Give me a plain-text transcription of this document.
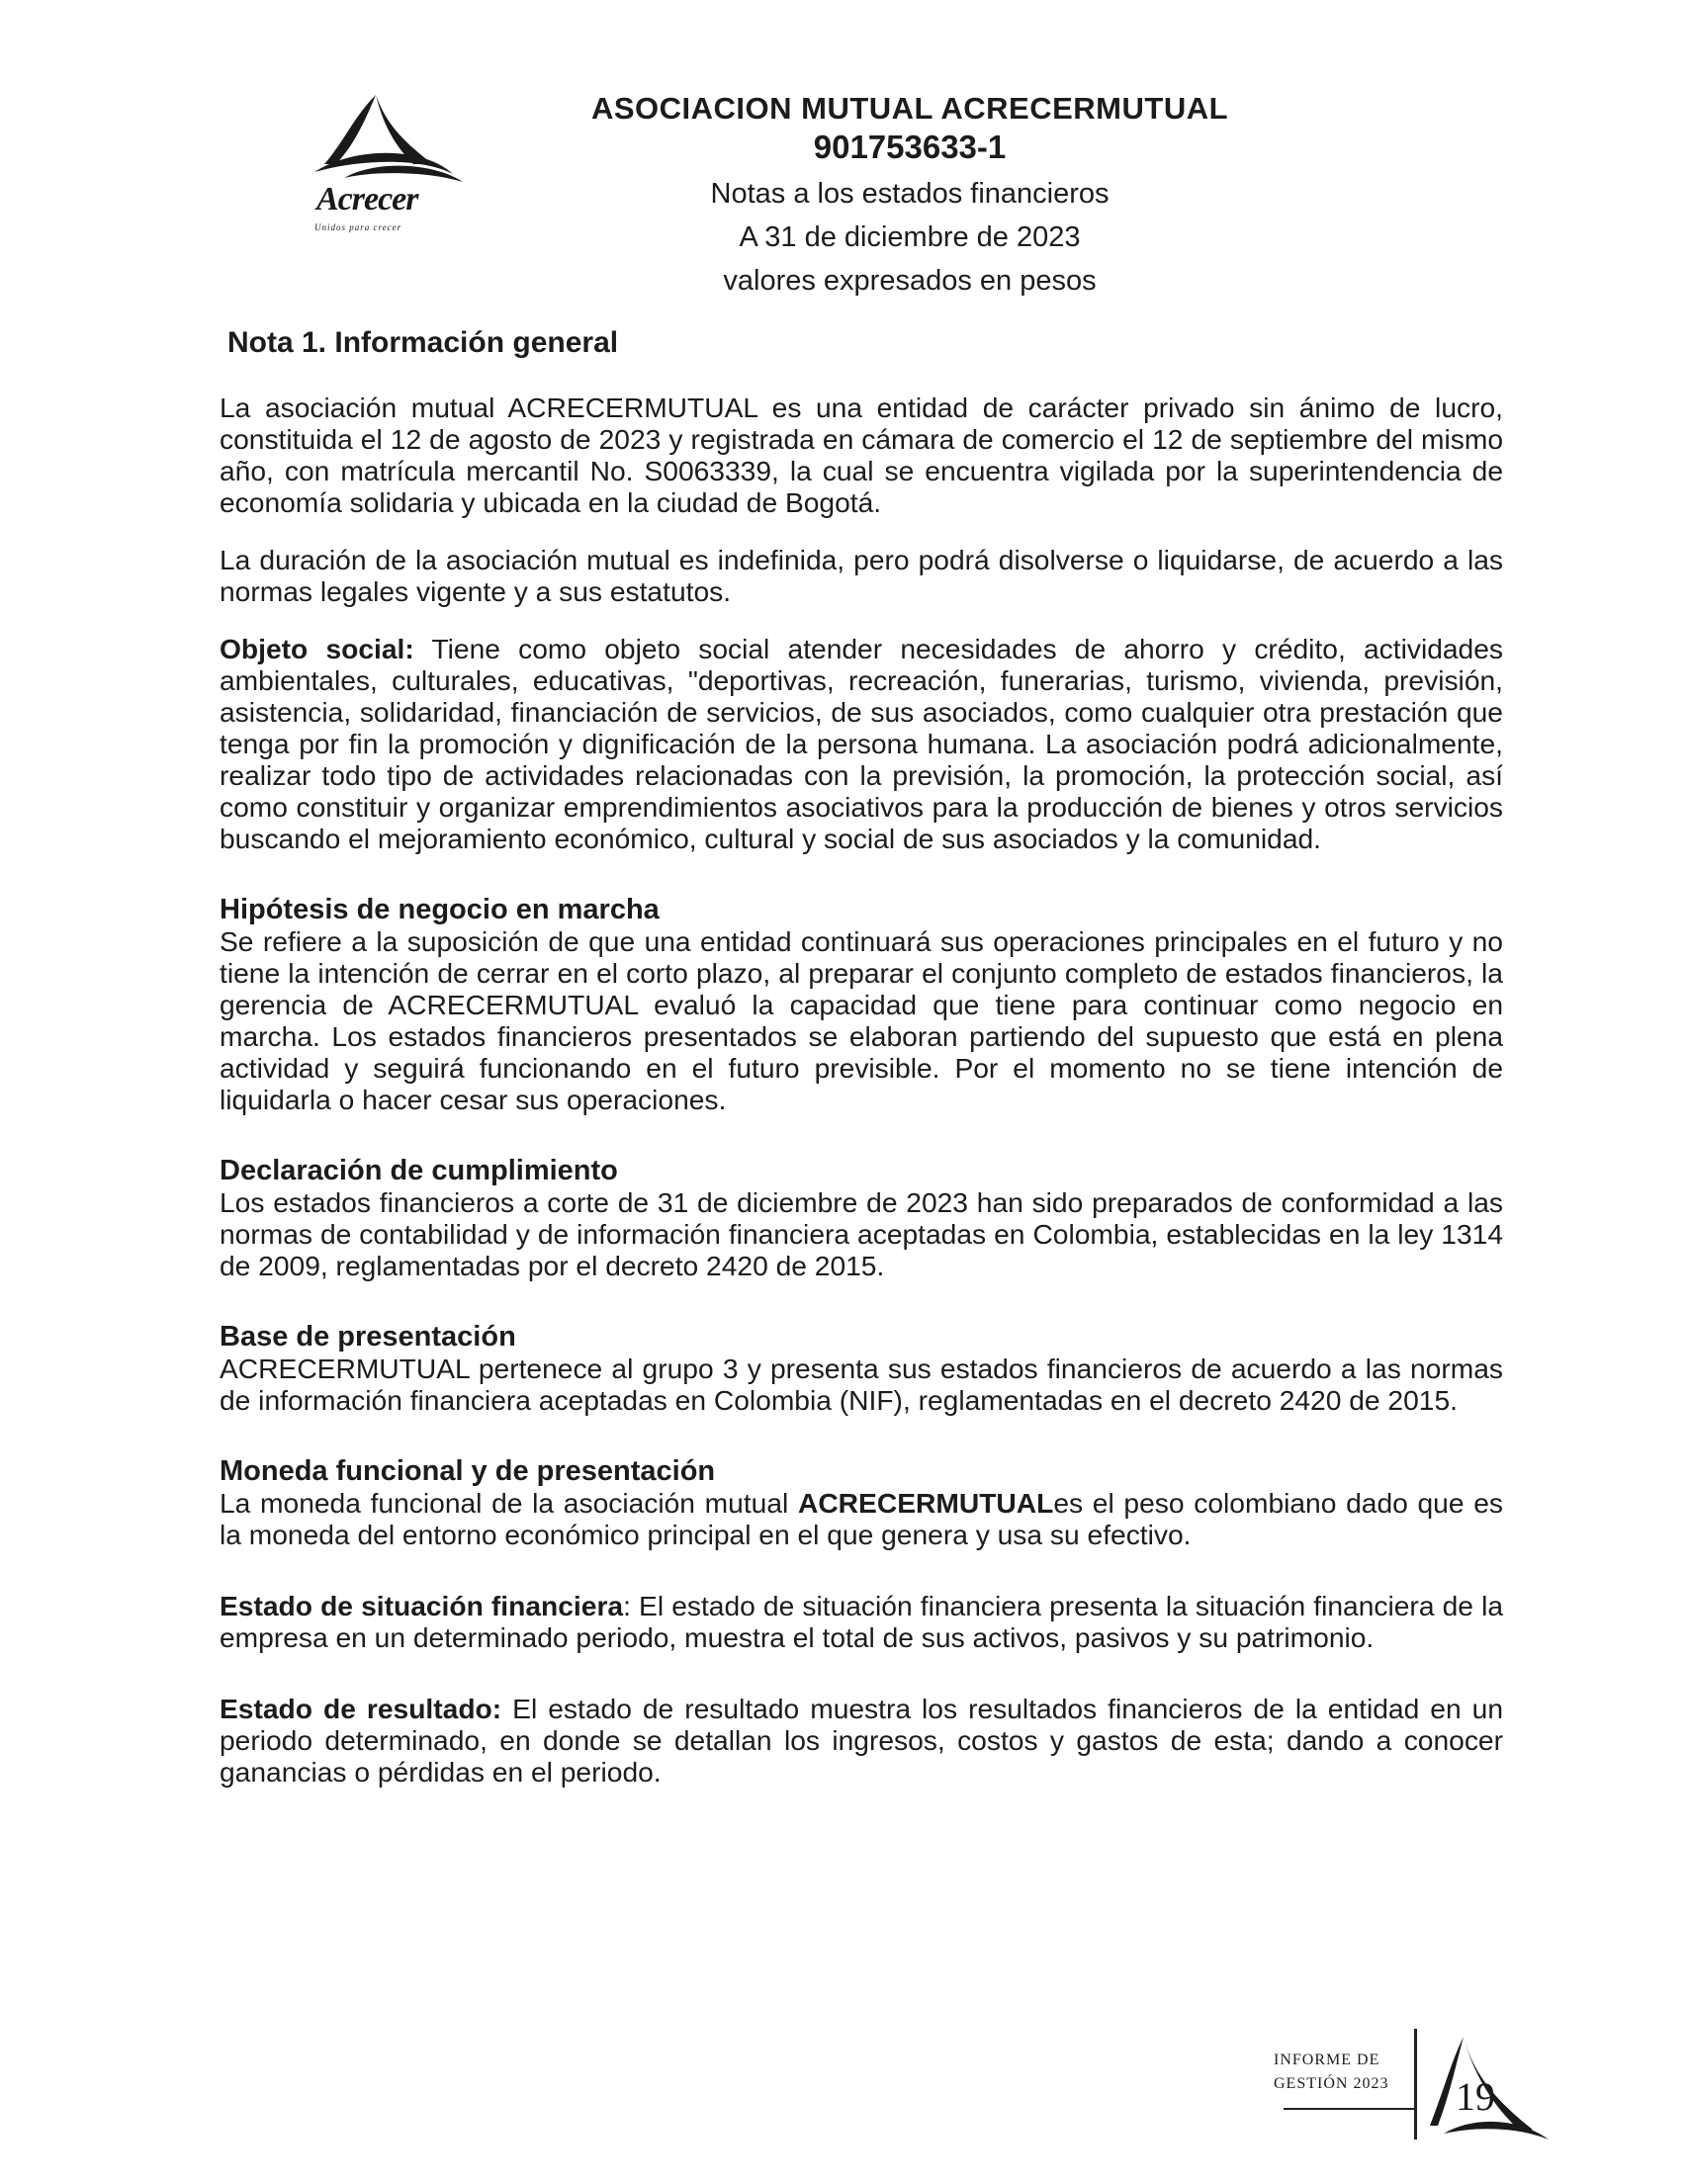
Acrecer
Unidos para crecer

ASOCIACION MUTUAL ACRECERMUTUAL

901753633-1

Notas a los estados financieros

A 31 de diciembre de 2023

valores expresados en pesos

Nota 1. Información general

La asociación mutual ACRECERMUTUAL es una entidad de carácter privado sin ánimo de lucro, constituida el 12 de agosto de 2023 y registrada en cámara de comercio el 12 de septiembre del mismo año, con matrícula mercantil No. S0063339, la cual se encuentra vigilada por la superintendencia de economía solidaria y ubicada en la ciudad de Bogotá.

La duración de la asociación mutual es indefinida, pero podrá disolverse o liquidarse, de acuerdo a las normas legales vigente y a sus estatutos.

Objeto social: Tiene como objeto social atender necesidades de ahorro y crédito, actividades ambientales, culturales, educativas, "deportivas, recreación, funerarias, turismo, vivienda, previsión, asistencia, solidaridad, financiación de servicios, de sus asociados, como cualquier otra prestación que tenga por fin la promoción y dignificación de la persona humana. La asociación podrá adicionalmente, realizar todo tipo de actividades relacionadas con la previsión, la promoción, la protección social, así como constituir y organizar emprendimientos asociativos para la producción de bienes y otros servicios buscando el mejoramiento económico, cultural y social de sus asociados y la comunidad.

Hipótesis de negocio en marcha

Se refiere a la suposición de que una entidad continuará sus operaciones principales en el futuro y no tiene la intención de cerrar en el corto plazo, al preparar el conjunto completo de estados financieros, la gerencia de ACRECERMUTUAL evaluó la capacidad que tiene para continuar como negocio en marcha. Los estados financieros presentados se elaboran partiendo del supuesto que está en plena actividad y seguirá funcionando en el futuro previsible. Por el momento no se tiene intención de liquidarla o hacer cesar sus operaciones.

Declaración de cumplimiento

Los estados financieros a corte de 31 de diciembre de 2023 han sido preparados de conformidad a las normas de contabilidad y de información financiera aceptadas en Colombia, establecidas en la ley 1314 de 2009, reglamentadas por el decreto 2420 de 2015.

Base de presentación

ACRECERMUTUAL pertenece al grupo 3 y presenta sus estados financieros de acuerdo a las normas de información financiera aceptadas en Colombia (NIF), reglamentadas en el decreto 2420 de 2015.

Moneda funcional y de presentación

La moneda funcional de la asociación mutual ACRECERMUTUALes el peso colombiano dado que es la moneda del entorno económico principal en el que genera y usa su efectivo.

Estado de situación financiera: El estado de situación financiera presenta la situación financiera de la empresa en un determinado periodo, muestra el total de sus activos, pasivos y su patrimonio.

Estado de resultado: El estado de resultado muestra los resultados financieros de la entidad en un periodo determinado, en donde se detallan los ingresos, costos y gastos de esta; dando a conocer ganancias o pérdidas en el periodo.

INFORME DE
GESTIÓN 2023 19
